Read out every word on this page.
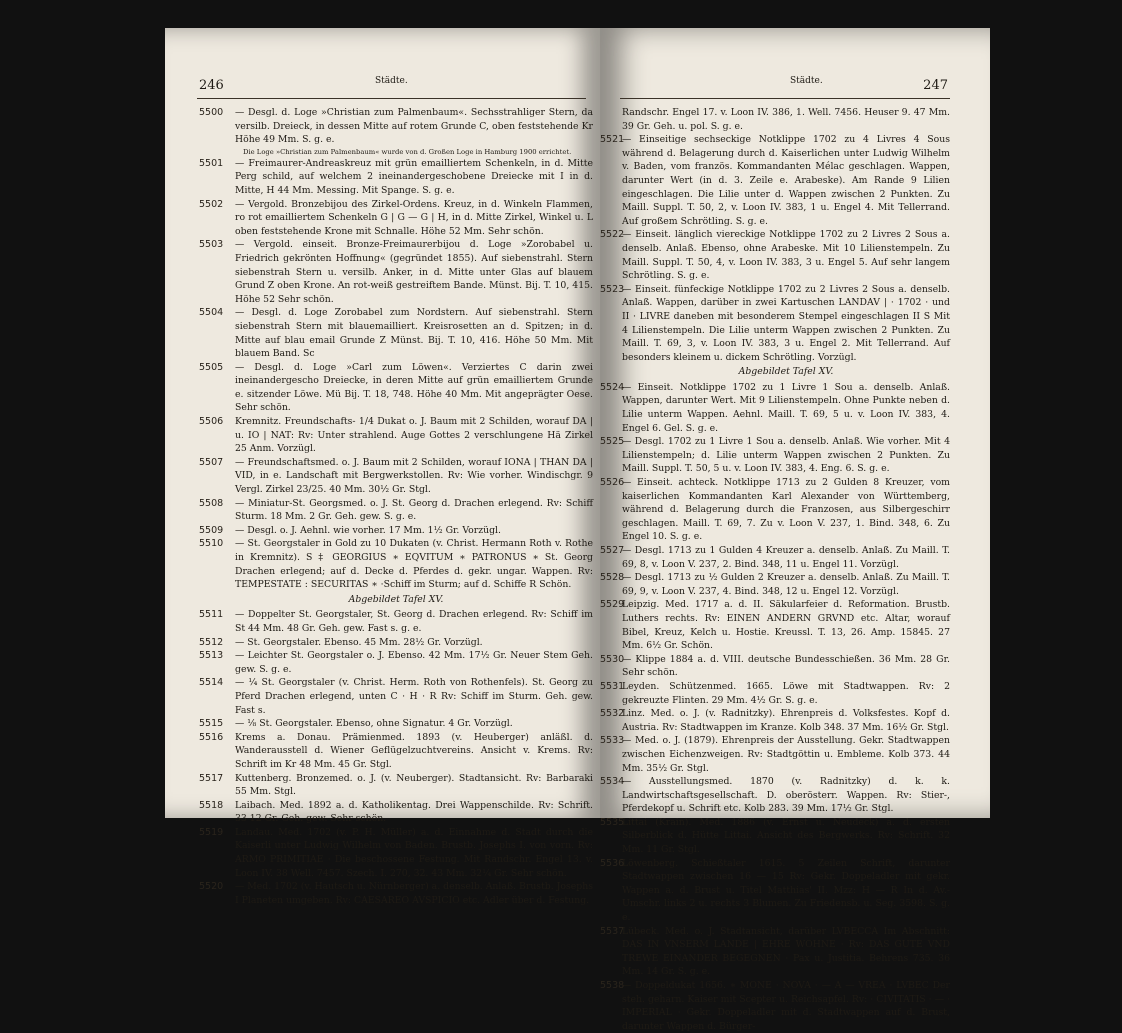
246	Städte.
5500 — Desgl. d. Loge »Christian zum Palmenbaum«. Sechsstrahliger Stern, da versilb. Dreieck, in dessen Mitte auf rotem Grunde C, oben feststehende Kr Höhe 49 Mm. S. g. e.
Die Loge »Christian zum Palmenbaum« wurde von d. Großen Loge in Hamburg 1900 errichtet.
5501 — Freimaurer-Andreaskreuz mit grün emailliertem Schenkeln, in d. Mitte Perg schild, auf welchem 2 ineinandergeschobene Dreiecke mit I in d. Mitte, H 44 Mm. Messing. Mit Spange. S. g. e.
5502 — Vergold. Bronzebijou des Zirkel-Ordens. Kreuz, in d. Winkeln Flammen, ro rot emailliertem Schenkeln G | G — G | H, in d. Mitte Zirkel, Winkel u. L oben feststehende Krone mit Schnalle. Höhe 52 Mm. Sehr schön.
5503 — Vergold. einseit. Bronze-Freimaurerbijou d. Loge »Zorobabel u. Friedrich gekrönten Hoffnung« (gegründet 1855). Auf siebenstrahl. Stern siebenstrah Stern u. versilb. Anker, in d. Mitte unter Glas auf blauem Grund Z oben Krone. An rot-weiß gestreiftem Bande. Münst. Bij. T. 10, 415. Höhe 52 Sehr schön.
5504 — Desgl. d. Loge Zorobabel zum Nordstern. Auf siebenstrahl. Stern siebenstrah Stern mit blauemailliert. Kreisrosetten an d. Spitzen; in d. Mitte auf blau email Grunde Z Münst. Bij. T. 10, 416. Höhe 50 Mm. Mit blauem Band. Sc
5505 — Desgl. d. Loge »Carl zum Löwen«. Verziertes C darin zwei ineinandergescho Dreiecke, in deren Mitte auf grün emailliertem Grunde e. sitzender Löwe. Mü Bij. T. 18, 748. Höhe 40 Mm. Mit angeprägter Oese. Sehr schön.
5506 Kremnitz. Freundschafts- 1/4 Dukat o. J. Baum mit 2 Schilden, worauf DA | u. IO | NAT: Rv: Unter strahlend. Auge Gottes 2 verschlungene Hä Zirkel 25 Anm. Vorzügl.
5507 — Freundschaftsmed. o. J. Baum mit 2 Schilden, worauf IONA | THAN DA | VID, in e. Landschaft mit Bergwerkstollen. Rv: Wie vorher. Windischgr. 9 Vergl. Zirkel 23/25. 40 Mm. 30½ Gr. Stgl.
5508 — Miniatur-St. Georgsmed. o. J. St. Georg d. Drachen erlegend. Rv: Schiff Sturm. 18 Mm. 2 Gr. Geh. gew. S. g. e.
5509 — Desgl. o. J. Aehnl. wie vorher. 17 Mm. 1½ Gr. Vorzügl.
5510 — St. Georgstaler in Gold zu 10 Dukaten (v. Christ. Hermann Roth v. Rothe in Kremnitz). S ‡ GEORGIUS ∗ EQVITUM ∗ PATRONUS ∗ St. Georg Drachen erlegend; auf d. Decke d. Pferdes d. gekr. ungar. Wappen. Rv: TEMPESTATE : SECURITAS ∗ ·Schiff im Sturm; auf d. Schiffe R Schön.
Abgebildet Tafel XV.
5511 — Doppelter St. Georgstaler, St. Georg d. Drachen erlegend. Rv: Schiff im St 44 Mm. 48 Gr. Geh. gew. Fast s. g. e.
5512 — St. Georgstaler. Ebenso. 45 Mm. 28½ Gr. Vorzügl.
5513 — Leichter St. Georgstaler o. J. Ebenso. 42 Mm. 17½ Gr. Neuer Stem Geh. gew. S. g. e.
5514 — ¼ St. Georgstaler (v. Christ. Herm. Roth von Rothenfels). St. Georg zu Pferd Drachen erlegend, unten C · H · R Rv: Schiff im Sturm. Geh. gew. Fast s.
5515 — ⅛ St. Georgstaler. Ebenso, ohne Signatur. 4 Gr. Vorzügl.
5516 Krems a. Donau. Prämienmed. 1893 (v. Heuberger) anläßl. d. Wanderausstell d. Wiener Geflügelzuchtvereins. Ansicht v. Krems. Rv: Schrift im Kr 48 Mm. 45 Gr. Stgl.
5517 Kuttenberg. Bronzemed. o. J. (v. Neuberger). Stadtansicht. Rv: Barbaraki 55 Mm. Stgl.
5518 Laibach. Med. 1892 a. d. Katholikentag. Drei Wappenschilde. Rv: Schrift. 33 12 Gr. Geh. gew. Sehr schön.
5519 Landau. Med. 1702 (v. P. H. Müller) a. d. Einnahme d. Stadt durch die Kaiserli unter Ludwig Wilhelm von Baden. Brustb. Josephs I. von vorn. Rv: ARMO PRIMITIAE · Die beschossene Festung. Mit Randschr. Engel 13. v. Loon IV. 38 Well. 7457. Szech. I. 270, 32. 43 Mm. 32¼ Gr. Sehr schön.
5520 — Med. 1702 (v. Hautsch u. Nürnberger) a. denselb. Anlaß. Brustb. Josephs I Planeten umgeben. Rv: CAESAREO AVSPICIO etc. Adler über d. Festung.
247
Städte.
Randschr. Engel 17. v. Loon IV. 386, 1. Well. 7456. Heuser 9. 47 Mm. 39 Gr. Geh. u. pol. S. g. e.
5521
— Einseitige sechseckige Notklippe 1702 zu 4 Livres 4 Sous während d. Belagerung durch d. Kaiserlichen unter Ludwig Wilhelm v. Baden, vom französ. Kommandanten Mélac geschlagen. Wappen, darunter Wert (in d. 3. Zeile e. Arabeske). Am Rande 9 Lilien eingeschlagen. Die Lilie unter d. Wappen zwischen 2 Punkten. Zu Maill. Suppl. T. 50, 2, v. Loon IV. 383, 1 u. Engel 4. Mit Tellerrand. Auf großem Schrötling. S. g. e.
5522
— Einseit. länglich viereckige Notklippe 1702 zu 2 Livres 2 Sous a. denselb. Anlaß. Ebenso, ohne Arabeske. Mit 10 Lilienstempeln. Zu Maill. Suppl. T. 50, 4, v. Loon IV. 383, 3 u. Engel 5. Auf sehr langem Schrötling. S. g. e.
5523
— Einseit. fünfeckige Notklippe 1702 zu 2 Livres 2 Sous a. denselb. Anlaß. Wappen, darüber in zwei Kartuschen LANDAV | · 1702 · und II · LIVRE daneben mit besonderem Stempel eingeschlagen II S Mit 4 Lilienstempeln. Die Lilie unterm Wappen zwischen 2 Punkten. Zu Maill. T. 69, 3, v. Loon IV. 383, 3 u. Engel 2. Mit Tellerrand. Auf besonders kleinem u. dickem Schrötling. Vorzügl.
Abgebildet Tafel XV.
5524
— Einseit. Notklippe 1702 zu 1 Livre 1 Sou a. denselb. Anlaß. Wappen, darunter Wert. Mit 9 Lilienstempeln. Ohne Punkte neben d. Lilie unterm Wappen. Aehnl. Maill. T. 69, 5 u. v. Loon IV. 383, 4. Engel 6. Gel. S. g. e.
5525
— Desgl. 1702 zu 1 Livre 1 Sou a. denselb. Anlaß. Wie vorher. Mit 4 Lilienstempeln; d. Lilie unterm Wappen zwischen 2 Punkten. Zu Maill. Suppl. T. 50, 5 u. v. Loon IV. 383, 4. Eng. 6. S. g. e.
5526
— Einseit. achteck. Notklippe 1713 zu 2 Gulden 8 Kreuzer, vom kaiserlichen Kommandanten Karl Alexander von Württemberg, während d. Belagerung durch die Franzosen, aus Silbergeschirr geschlagen. Maill. T. 69, 7. Zu v. Loon V. 237, 1. Bind. 348, 6. Zu Engel 10. S. g. e.
5527
— Desgl. 1713 zu 1 Gulden 4 Kreuzer a. denselb. Anlaß. Zu Maill. T. 69, 8, v. Loon V. 237, 2. Bind. 348, 11 u. Engel 11. Vorzügl.
5528
— Desgl. 1713 zu ½ Gulden 2 Kreuzer a. denselb. Anlaß. Zu Maill. T. 69, 9, v. Loon V. 237, 4. Bind. 348, 12 u. Engel 12. Vorzügl.
5529
Leipzig. Med. 1717 a. d. II. Säkularfeier d. Reformation. Brustb. Luthers rechts. Rv: EINEN ANDERN GRVND etc. Altar, worauf Bibel, Kreuz, Kelch u. Hostie. Kreussl. T. 13, 26. Amp. 15845. 27 Mm. 6½ Gr. Schön.
5530
— Klippe 1884 a. d. VIII. deutsche Bundesschießen. 36 Mm. 28 Gr. Sehr schön.
5531
Leyden. Schützenmed. 1665. Löwe mit Stadtwappen. Rv: 2 gekreuzte Flinten. 29 Mm. 4½ Gr. S. g. e.
5532
Linz. Med. o. J. (v. Radnitzky). Ehrenpreis d. Volksfestes. Kopf d. Austria. Rv: Stadtwappen im Kranze. Kolb 348. 37 Mm. 16½ Gr. Stgl.
5533
— Med. o. J. (1879). Ehrenpreis der Ausstellung. Gekr. Stadtwappen zwischen Eichenzweigen. Rv: Stadtgöttin u. Embleme. Kolb 373. 44 Mm. 35½ Gr. Stgl.
5534
— Ausstellungsmed. 1870 (v. Radnitzky) d. k. k. Landwirtschaftsgesellschaft. D. oberösterr. Wappen. Rv: Stier-, Pferdekopf u. Schrift etc. Kolb 283. 39 Mm. 17½ Gr. Stgl.
5535
Littai (Krain). Med. 1886 (v. Ernst u. Neudeck) a. d. ersten Silberblick d. Hütte Littai. Ansicht des Bergwerks. Rv: Schrift. 32 Mm. 11 Gr. Stgl.
5536
Löwenberg. Schießtaler 1615. 5 Zeilen Schrift, darunter Stadtwappen zwischen 16 — 15 Rv: Gekr. Doppeladler mit gekr. Wappen a. d. Brust u. Titel Matthias' II. Mzz: H — R In d. Av.-Umschr. links 2 u. rechts 3 Blumen. Zu Friedensb. u. Seg. 3598. S. g. e.
5537
Lübeck. Med. o. J. Stadtansicht, darüber LVBECCA Im Abschnitt: DAS IN VNSERM LANDE | EHRE WOHNE · Rv: DAS GUTE VND TREWE EINANDER BEGEGNEN · Pax u. Justitia. Behrens 735. 36 Mm. 14 Gr. S. g. e.
5538
— Doppeldukat 1656. ∗ MONE · NOVA · — A — VREA · LVBEC Der steh. geharn. Kaiser mit Scepter u. Reichsapfel. Rv: · CIVITATIS · — · IMPERIAL · Gekr. Doppeladler mit d. Stadtwappen auf d. Brust, darunter Wappen d. Bürger-
